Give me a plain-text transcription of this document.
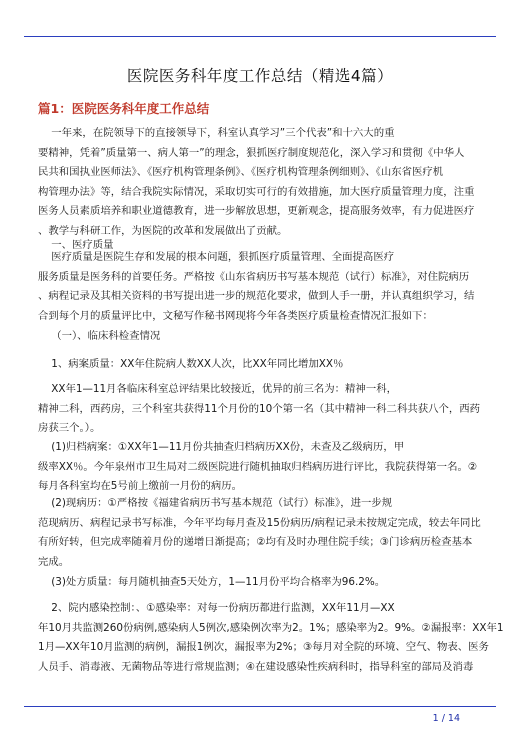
医院医务科年度工作总结（精选4篇）
篇1：医院医务科年度工作总结

一年来，在院领导下的直接领导下，科室认真学习”三个代表”和十六大的重
要精神，凭着”质量第一、病人第一”的理念，狠抓医疗制度规范化，深入学习和贯彻《中华人
民共和国执业医师法》、《医疗机构管理条例》、《医疗机构管理条例细则》、《山东省医疗机
构管理办法》等，结合我院实际情况，采取切实可行的有效措施，加大医疗质量管理力度，注重
医务人员素质培养和职业道德教育，进一步解放思想，更新观念，提高服务效率，有力促进医疗
、教学与科研工作，为医院的改革和发展做出了贡献。

一、医疗质量

医疗质量是医院生存和发展的根本问题，狠抓医疗质量管理、全面提高医疗
服务质量是医务科的首要任务。严格按《山东省病历书写基本规范（试行）标准》，对住院病历
、病程记录及其相关资料的书写提出进一步的规范化要求，做到人手一册，并认真组织学习，结
合到每个月的质量评比中，文秘写作秘书网现将今年各类医疗质量检查情况汇报如下：

（一）、临床科检查情况

1、病案质量：XX年住院病人数XX人次，比XX年同比增加XX％

XX年1—11月各临床科室总评结果比较接近，优异的前三名为：精神一科，
精神二科，西药房，三个科室共获得11个月份的10个第一名（其中精神一科二科共获八个，西药
房获三个。）。

(1)归档病案：①XX年1—11月份共抽查归档病历XX份，未查及乙级病历，甲
级率XX％。今年泉州市卫生局对二级医院进行随机抽取归档病历进行评比，我院获得第一名。②
每月各科室均在5号前上缴前一月份的病历。

(2)现病历：①严格按《福建省病历书写基本规范（试行）标准》，进一步规
范现病历、病程记录书写标准，今年平均每月查及15份病历/病程记录未按规定完成，较去年同比
有所好转，但完成率随着月份的递增日渐提高；②均有及时办理住院手续；③门诊病历检查基本
完成。

(3)处方质量：每月随机抽查5天处方，1—11月份平均合格率为96.2%。

2、院内感染控制：、①感染率：对每一份病历都进行监测，XX年11月—XX
年10月共监测260份病例,感染病人5例次,感染例次率为2。1%；感染率为2。9%。②漏报率：XX年1
1月—XX年10月监测的病例，漏报1例次，漏报率为2%；③每月对全院的环境、空气、物表、医务
人员手、消毒液、无菌物品等进行常规监测；④在建设感染性疾病科时，指导科室的部局及消毒

1 / 14
